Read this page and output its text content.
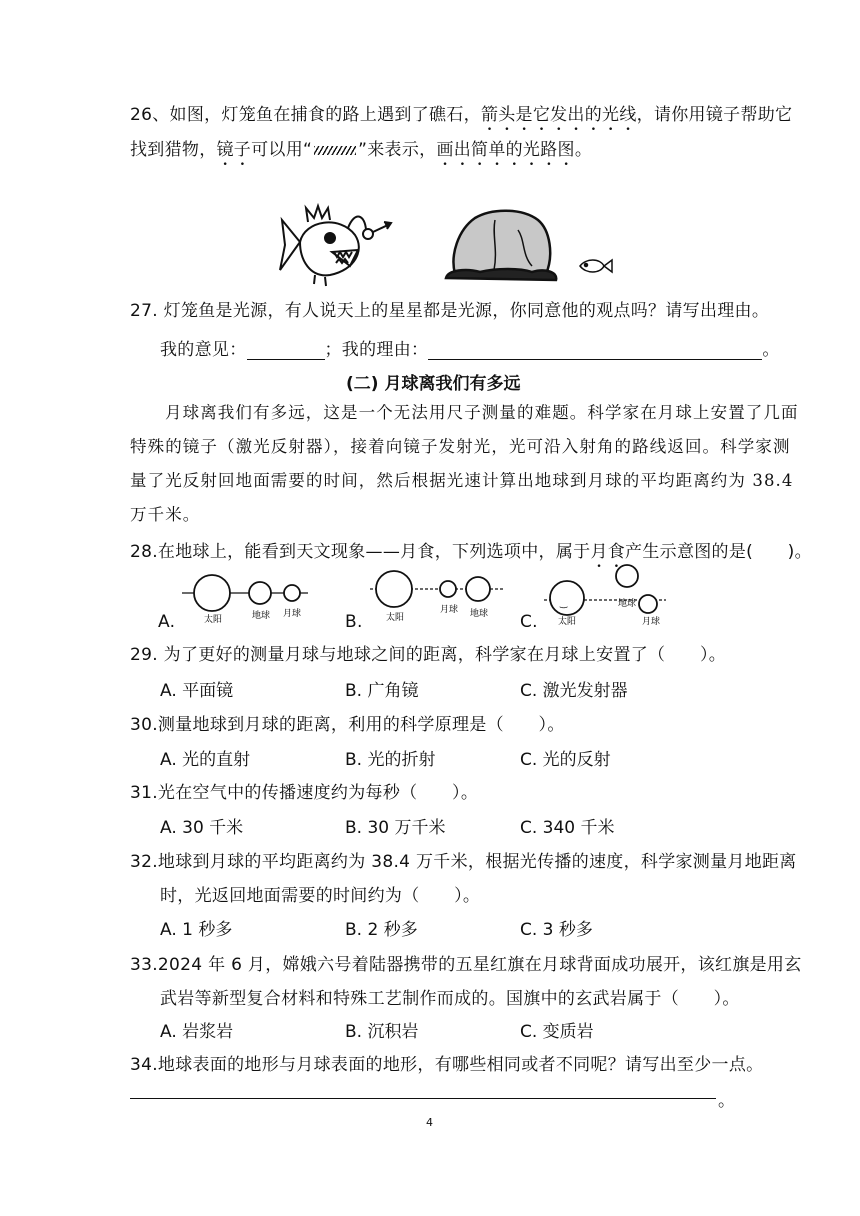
26、如图，灯笼鱼在捕食的路上遇到了礁石，箭头是它发出的光线，请你用镜子帮助它
找到猎物，镜子可以用“	”来表示，画出简单的光路图。
27. 灯笼鱼是光源，有人说天上的星星都是光源，你同意他的观点吗？请写出理由。
我的意见：	；我的理由：	。
(二) 月球离我们有多远
月球离我们有多远，这是一个无法用尺子测量的难题。科学家在月球上安置了几面
特殊的镜子（激光反射器），接着向镜子发射光，光可沿入射角的路线返回。科学家测
量了光反射回地面需要的时间，然后根据光速计算出地球到月球的平均距离约为 38.4
万千米。
28.在地球上，能看到天文现象——月食，下列选项中，属于月食产生示意图的是(　　)。
A.	太阳	地球 月球	B.	太阳
月球 地球 C.
‿
太阳
地球
月球
29. 为了更好的测量月球与地球之间的距离，科学家在月球上安置了（　　）。
A. 平面镜	B. 广角镜	C. 激光发射器
30.测量地球到月球的距离，利用的科学原理是（　　）。
A. 光的直射	B. 光的折射	C. 光的反射
31.光在空气中的传播速度约为每秒（　　）。
A. 30 千米	B. 30 万千米	C. 340 千米
32.地球到月球的平均距离约为 38.4 万千米，根据光传播的速度，科学家测量月地距离
时，光返回地面需要的时间约为（　　）。
A. 1 秒多	B. 2 秒多	C. 3 秒多
33.2024 年 6 月，嫦娥六号着陆器携带的五星红旗在月球背面成功展开，该红旗是用玄
武岩等新型复合材料和特殊工艺制作而成的。国旗中的玄武岩属于（　　）。
A. 岩浆岩	B. 沉积岩	C. 变质岩
34.地球表面的地形与月球表面的地形，有哪些相同或者不同呢？请写出至少一点。
。
4
